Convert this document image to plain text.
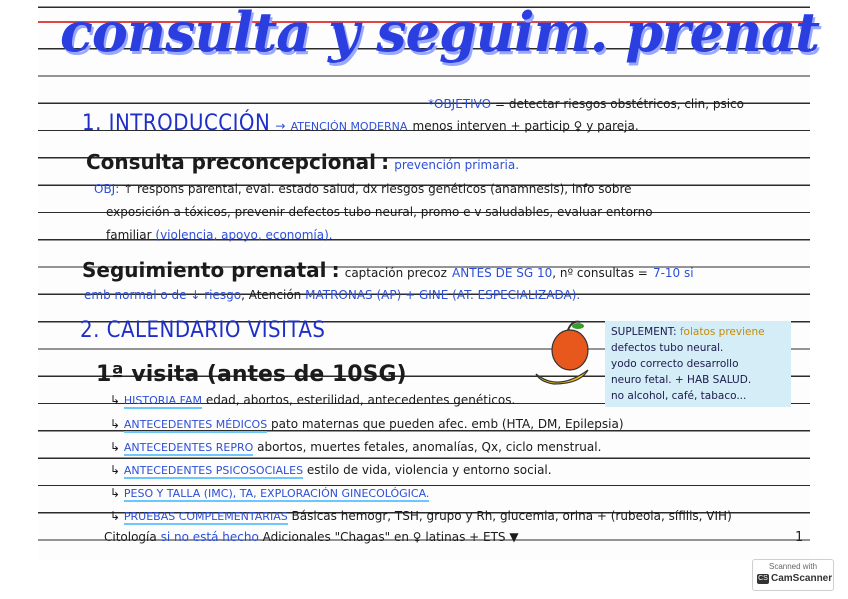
consulta y seguim. prenat
*OBJETIVO = detectar riesgos obstétricos, clin, psico
1. INTRODUCCIÓN → ATENCIÓN MODERNA menos interven + particip ♀ y pareja.
Consulta preconcepcional : prevención primaria.
OBJ: ↑ respons parental, eval. estado salud, dx riesgos genéticos (anamnesis), info sobre
exposición a tóxicos, prevenir defectos tubo neural, promo e v saludables, evaluar entorno
familiar (violencia, apoyo, economía).
Seguimiento prenatal : captación precoz ANTES DE SG 10, nº consultas = 7-10 si
emb normal o de ↓ riesgo, Atención MATRONAS (AP) + GINE (AT. ESPECIALIZADA).
2. CALENDARIO VISITAS	SUPLEMENT: folatos previene
defectos tubo neural.
yodo correcto desarrollo
neuro fetal. + HAB SALUD.
no alcohol, café, tabaco...
1ª visita (antes de 10SG)
↳ HISTORIA FAM edad, abortos, esterilidad, antecedentes genéticos.
↳ ANTECEDENTES MÉDICOS pato maternas que pueden afec. emb (HTA, DM, Epilepsia)
↳ ANTECEDENTES REPRO abortos, muertes fetales, anomalías, Qx, ciclo menstrual.
↳ ANTECEDENTES PSICOSOCIALES estilo de vida, violencia y entorno social.
↳ PESO Y TALLA (IMC), TA, EXPLORACIÓN GINECOLÓGICA.
↳ PRUEBAS COMPLEMENTARIAS Básicas hemogr, TSH, grupo y Rh, glucemia, orina + (rubeola, sífilis, VIH)
Citología si no está hecho Adicionales "Chagas" en ♀ latinas + ETS ▼	1
Scanned with
CS CamScanner
